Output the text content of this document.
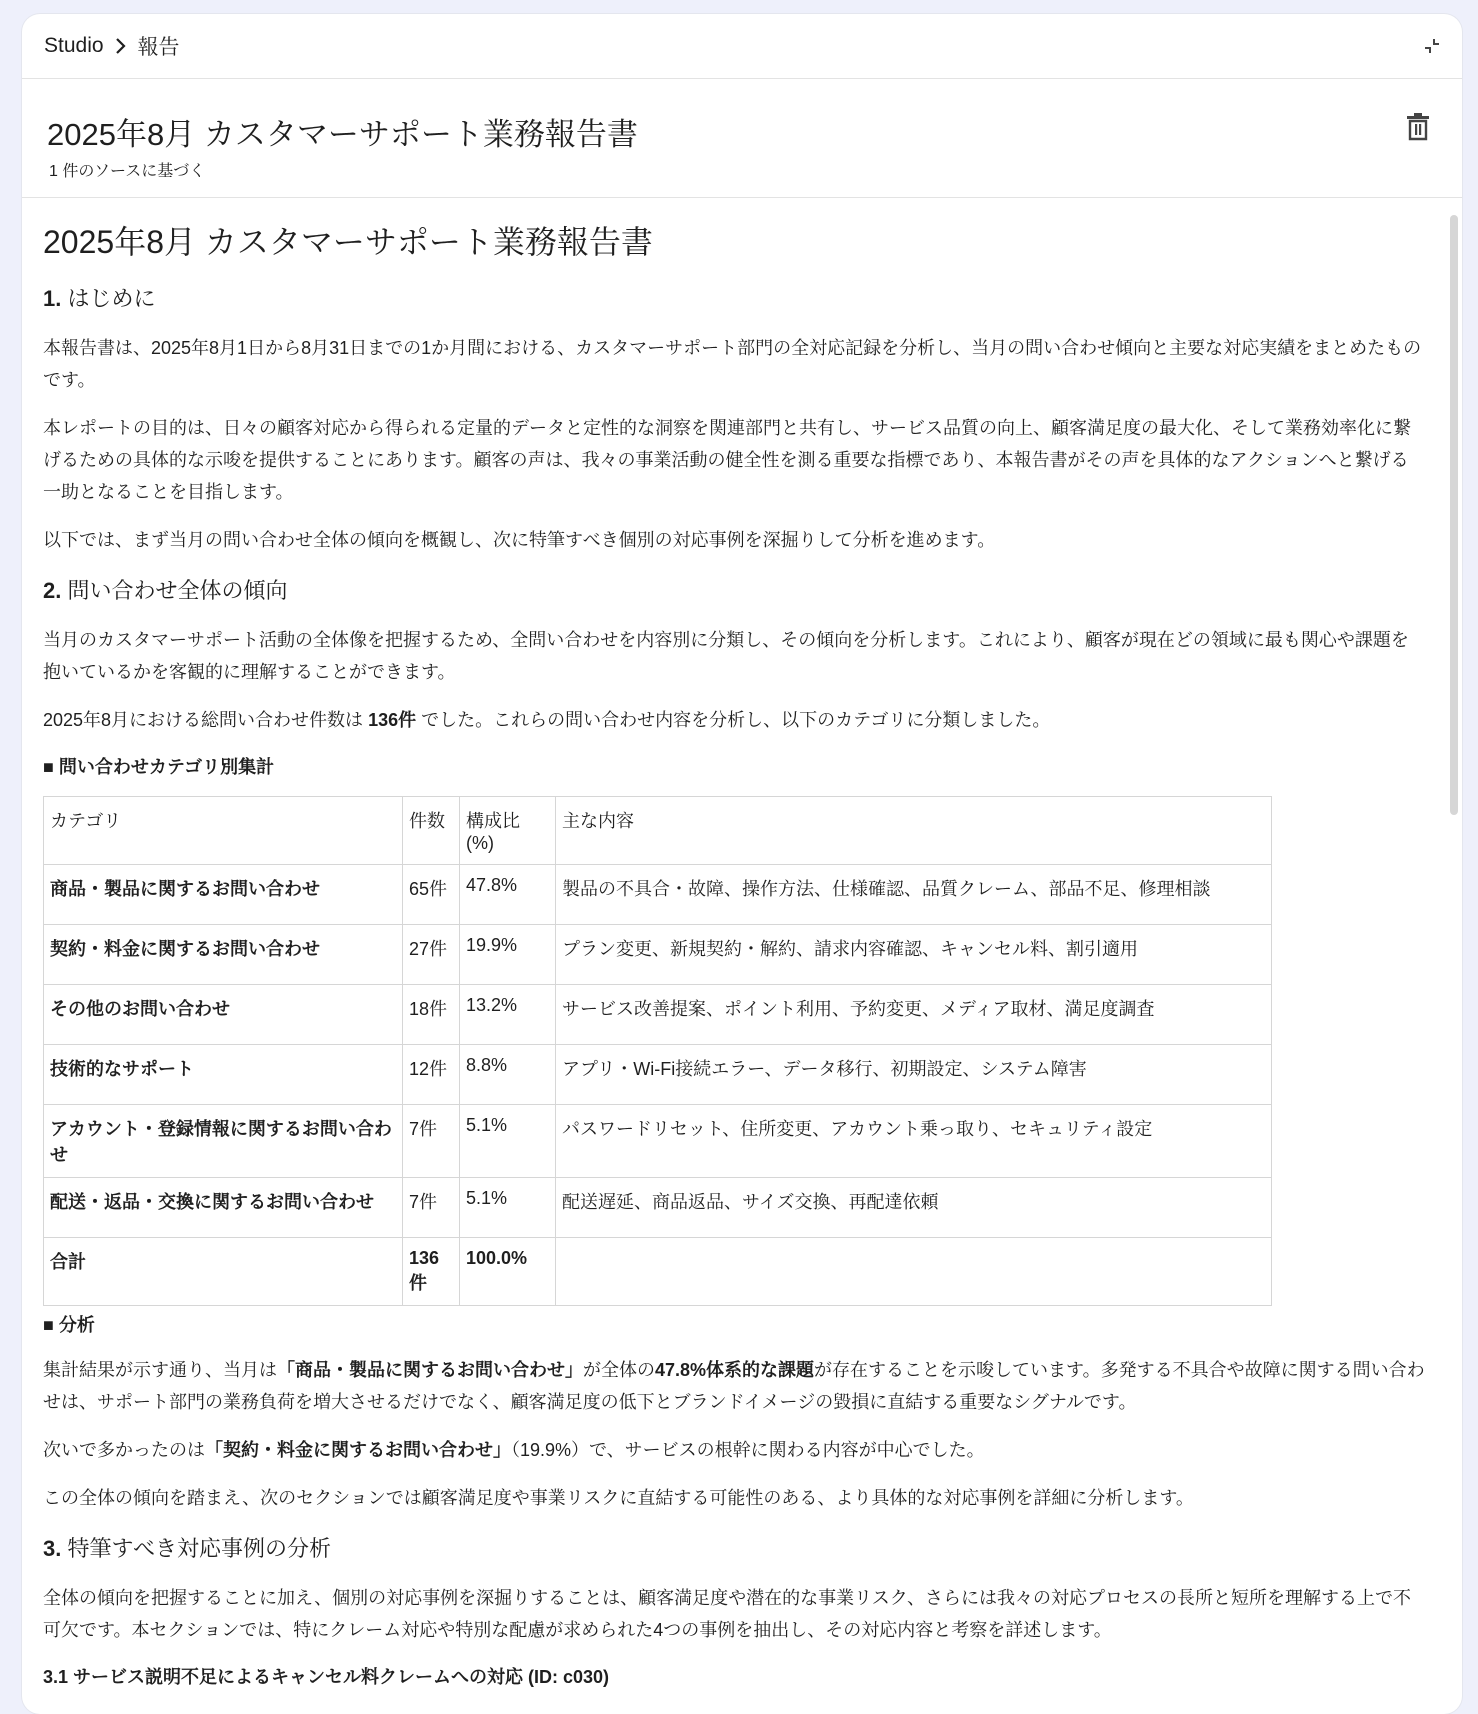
Studio 報告
2025年8月 カスタマーサポート業務報告書
1 件のソースに基づく
2025年8月 カスタマーサポート業務報告書
1. はじめに

本報告書は、2025年8月1日から8月31日までの1か月間における、カスタマーサポート部門の全対応記録を分析し、当月の問い合わせ傾向と主要な対応実績をまとめたものです。

本レポートの目的は、日々の顧客対応から得られる定量的データと定性的な洞察を関連部門と共有し、サービス品質の向上、顧客満足度の最大化、そして業務効率化に繋げるための具体的な示唆を提供することにあります。顧客の声は、我々の事業活動の健全性を測る重要な指標であり、本報告書がその声を具体的なアクションへと繋げる一助となることを目指します。

以下では、まず当月の問い合わせ全体の傾向を概観し、次に特筆すべき個別の対応事例を深掘りして分析を進めます。

2. 問い合わせ全体の傾向

当月のカスタマーサポート活動の全体像を把握するため、全問い合わせを内容別に分類し、その傾向を分析します。これにより、顧客が現在どの領域に最も関心や課題を抱いているかを客観的に理解することができます。

2025年8月における総問い合わせ件数は 136件 でした。これらの問い合わせ内容を分析し、以下のカテゴリに分類しました。

■ 問い合わせカテゴリ別集計
カテゴリ	件数	構成比 (%)	主な内容
商品・製品に関するお問い合わせ	65件	47.8%	製品の不具合・故障、操作方法、仕様確認、品質クレーム、部品不足、修理相談
契約・料金に関するお問い合わせ	27件	19.9%	プラン変更、新規契約・解約、請求内容確認、キャンセル料、割引適用
その他のお問い合わせ	18件	13.2%	サービス改善提案、ポイント利用、予約変更、メディア取材、満足度調査
技術的なサポート	12件	8.8%	アプリ・Wi-Fi接続エラー、データ移行、初期設定、システム障害
アカウント・登録情報に関するお問い合わせ	7件	5.1%	パスワードリセット、住所変更、アカウント乗っ取り、セキュリティ設定
配送・返品・交換に関するお問い合わせ	7件	5.1%	配送遅延、商品返品、サイズ交換、再配達依頼
合計	136件	100.0%	
■ 分析

集計結果が示す通り、当月は「商品・製品に関するお問い合わせ」が全体の47.8%体系的な課題が存在することを示唆しています。多発する不具合や故障に関する問い合わせは、サポート部門の業務負荷を増大させるだけでなく、顧客満足度の低下とブランドイメージの毀損に直結する重要なシグナルです。

次いで多かったのは「契約・料金に関するお問い合わせ」（19.9%）で、サービスの根幹に関わる内容が中心でした。

この全体の傾向を踏まえ、次のセクションでは顧客満足度や事業リスクに直結する可能性のある、より具体的な対応事例を詳細に分析します。

3. 特筆すべき対応事例の分析

全体の傾向を把握することに加え、個別の対応事例を深掘りすることは、顧客満足度や潜在的な事業リスク、さらには我々の対応プロセスの長所と短所を理解する上で不可欠です。本セクションでは、特にクレーム対応や特別な配慮が求められた4つの事例を抽出し、その対応内容と考察を詳述します。

3.1 サービス説明不足によるキャンセル料クレームへの対応 (ID: c030)
